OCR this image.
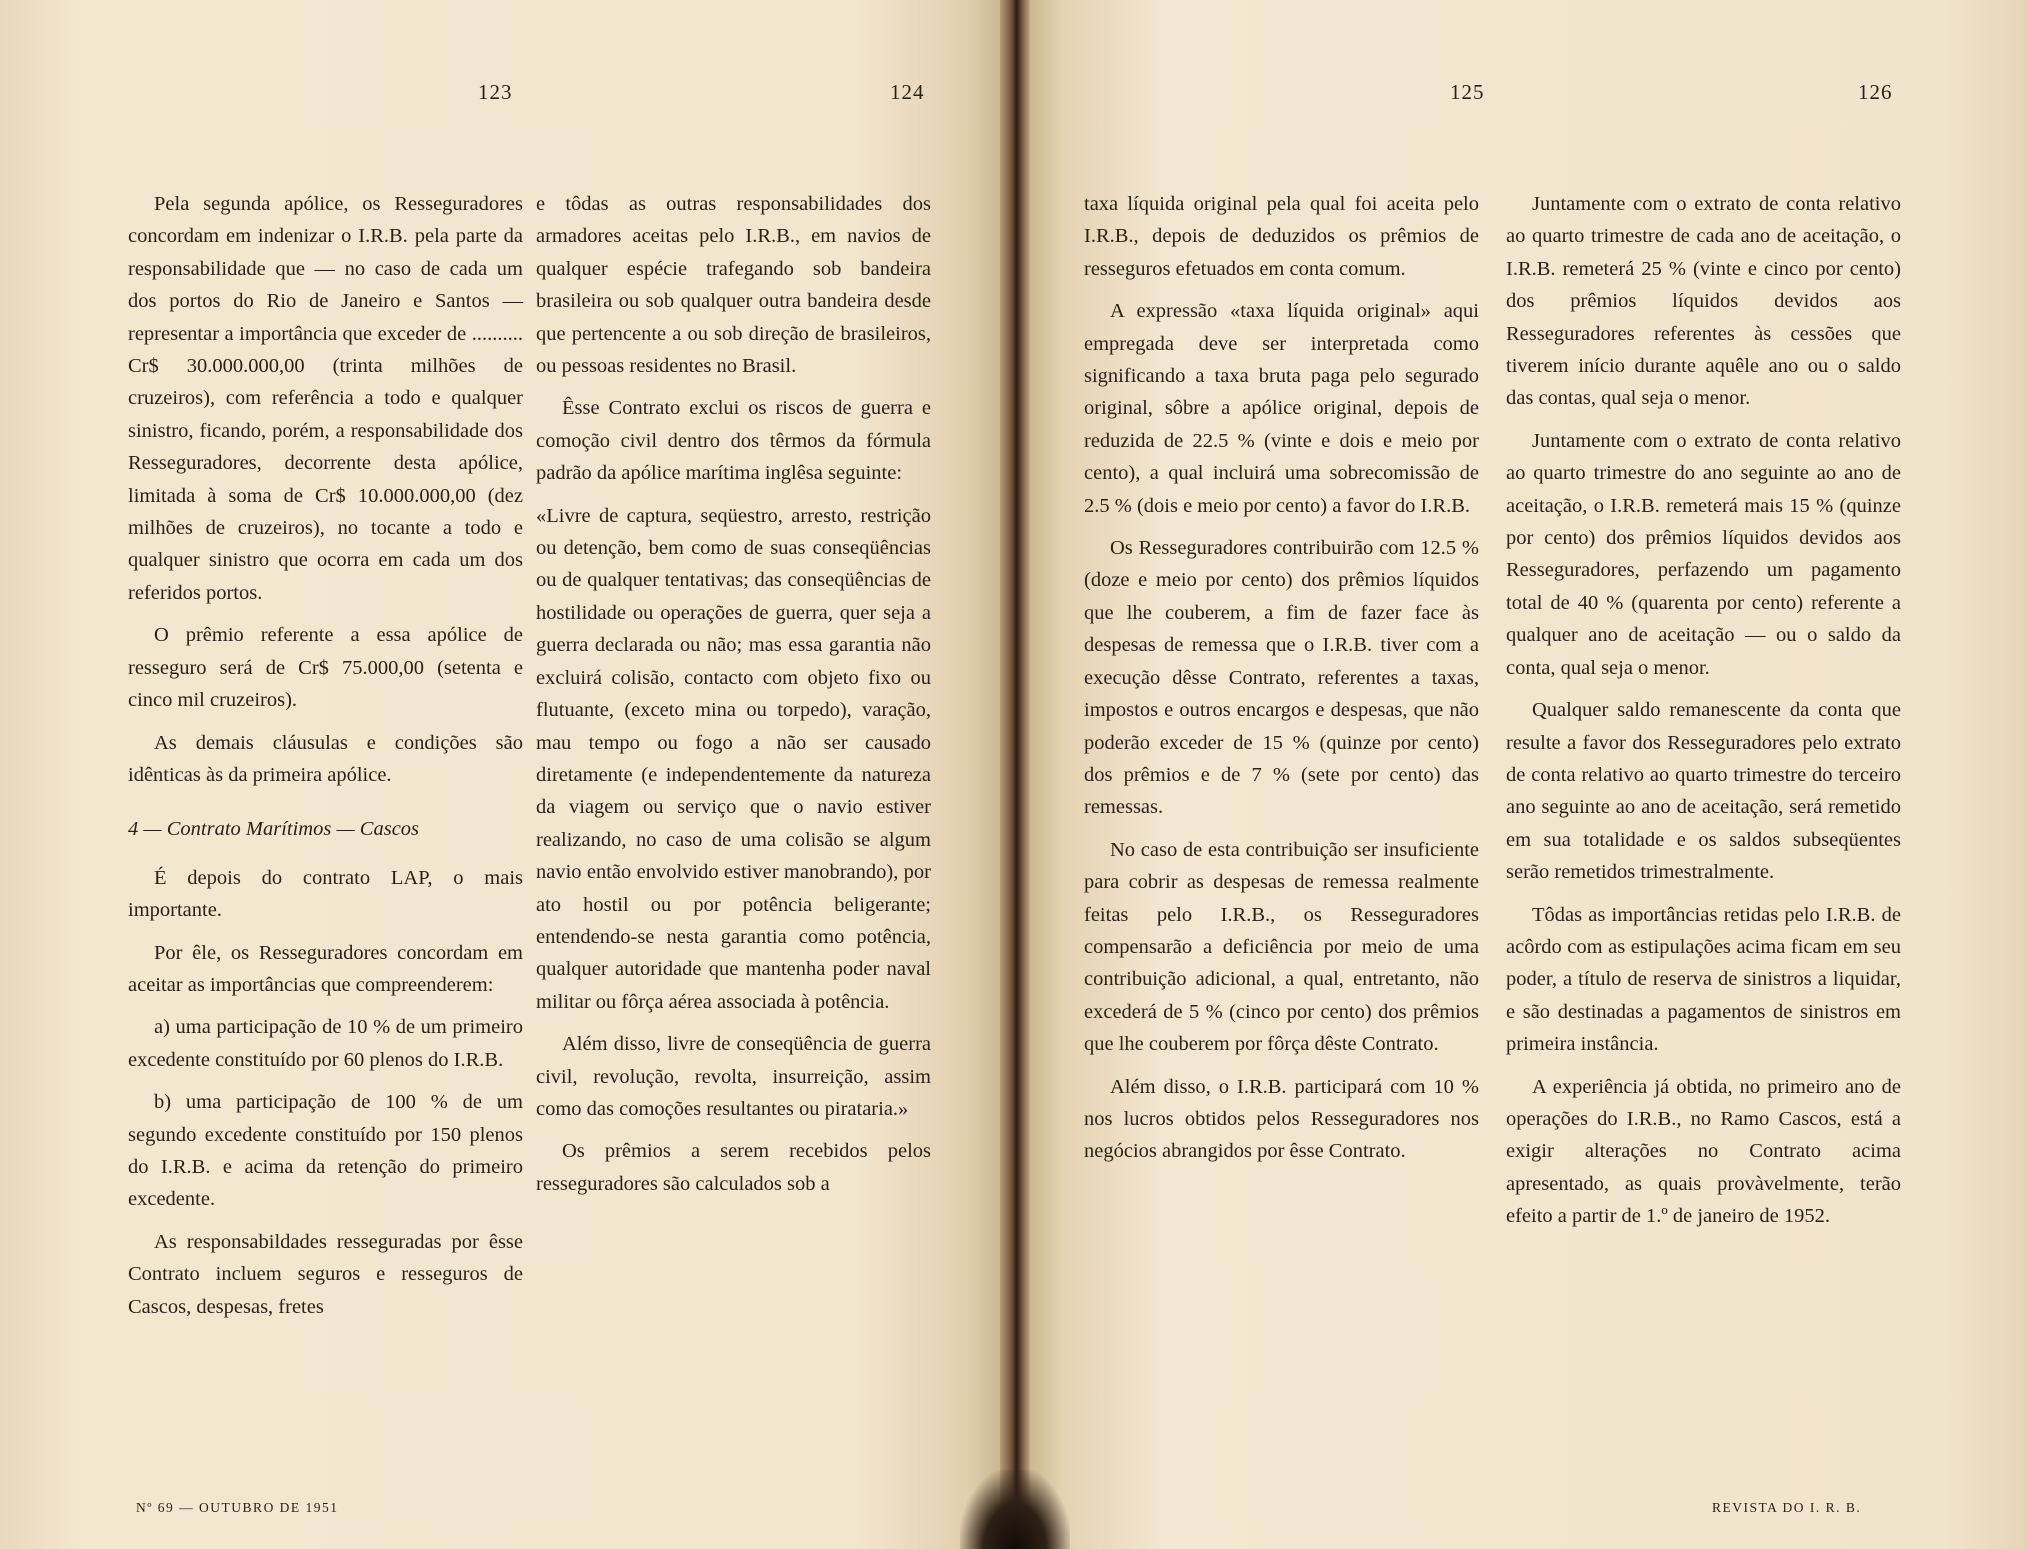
123	124

Pela segunda apólice, os Resseguradores concordam em indenizar o I.R.B. pela parte da responsabilidade que — no caso de cada um dos portos do Rio de Janeiro e Santos — representar a importância que exceder de .......... Cr$ 30.000.000,00 (trinta milhões de cruzeiros), com referência a todo e qualquer sinistro, ficando, porém, a responsabilidade dos Resseguradores, decorrente desta apólice, limitada à soma de Cr$ 10.000.000,00 (dez milhões de cruzeiros), no tocante a todo e qualquer sinistro que ocorra em cada um dos referidos portos.

O prêmio referente a essa apólice de resseguro será de Cr$ 75.000,00 (setenta e cinco mil cruzeiros).

As demais cláusulas e condições são idênticas às da primeira apólice.

4 — Contrato Marítimos — Cascos

É depois do contrato LAP, o mais importante.

Por êle, os Resseguradores concordam em aceitar as importâncias que compreenderem:

a) uma participação de 10 % de um primeiro excedente constituído por 60 plenos do I.R.B.

b) uma participação de 100 % de um segundo excedente constituído por 150 plenos do I.R.B. e acima da retenção do primeiro excedente.

As responsabildades resseguradas por êsse Contrato incluem seguros e resseguros de Cascos, despesas, fretes

e tôdas as outras responsabilidades dos armadores aceitas pelo I.R.B., em navios de qualquer espécie trafegando sob bandeira brasileira ou sob qualquer outra bandeira desde que pertencente a ou sob direção de brasileiros, ou pessoas residentes no Brasil.

Êsse Contrato exclui os riscos de guerra e comoção civil dentro dos têrmos da fórmula padrão da apólice marítima inglêsa seguinte:

«Livre de captura, seqüestro, arresto, restrição ou detenção, bem como de suas conseqüências ou de qualquer tentativas; das conseqüências de hostilidade ou operações de guerra, quer seja a guerra declarada ou não; mas essa garantia não excluirá colisão, contacto com objeto fixo ou flutuante, (exceto mina ou torpedo), varação, mau tempo ou fogo a não ser causado diretamente (e independentemente da natureza da viagem ou serviço que o navio estiver realizando, no caso de uma colisão se algum navio então envolvido estiver manobrando), por ato hostil ou por potência beligerante; entendendo-se nesta garantia como potência, qualquer autoridade que mantenha poder naval militar ou fôrça aérea associada à potência.

Além disso, livre de conseqüência de guerra civil, revolução, revolta, insurreição, assim como das comoções resultantes ou pirataria.»

Os prêmios a serem recebidos pelos resseguradores são calculados sob a

Nº 69 — OUTUBRO DE 1951
125	126

taxa líquida original pela qual foi aceita pelo I.R.B., depois de deduzidos os prêmios de resseguros efetuados em conta comum.

A expressão «taxa líquida original» aqui empregada deve ser interpretada como significando a taxa bruta paga pelo segurado original, sôbre a apólice original, depois de reduzida de 22.5 % (vinte e dois e meio por cento), a qual incluirá uma sobrecomissão de 2.5 % (dois e meio por cento) a favor do I.R.B.

Os Resseguradores contribuirão com 12.5 % (doze e meio por cento) dos prêmios líquidos que lhe couberem, a fim de fazer face às despesas de remessa que o I.R.B. tiver com a execução dêsse Contrato, referentes a taxas, impostos e outros encargos e despesas, que não poderão exceder de 15 % (quinze por cento) dos prêmios e de 7 % (sete por cento) das remessas.

No caso de esta contribuição ser insuficiente para cobrir as despesas de remessa realmente feitas pelo I.R.B., os Resseguradores compensarão a deficiência por meio de uma contribuição adicional, a qual, entretanto, não excederá de 5 % (cinco por cento) dos prêmios que lhe couberem por fôrça dêste Contrato.

Além disso, o I.R.B. participará com 10 % nos lucros obtidos pelos Resseguradores nos negócios abrangidos por êsse Contrato.

Juntamente com o extrato de conta relativo ao quarto trimestre de cada ano de aceitação, o I.R.B. remeterá 25 % (vinte e cinco por cento) dos prêmios líquidos devidos aos Resseguradores referentes às cessões que tiverem início durante aquêle ano ou o saldo das contas, qual seja o menor.

Juntamente com o extrato de conta relativo ao quarto trimestre do ano seguinte ao ano de aceitação, o I.R.B. remeterá mais 15 % (quinze por cento) dos prêmios líquidos devidos aos Resseguradores, perfazendo um pagamento total de 40 % (quarenta por cento) referente a qualquer ano de aceitação — ou o saldo da conta, qual seja o menor.

Qualquer saldo remanescente da conta que resulte a favor dos Resseguradores pelo extrato de conta relativo ao quarto trimestre do terceiro ano seguinte ao ano de aceitação, será remetido em sua totalidade e os saldos subseqüentes serão remetidos trimestralmente.

Tôdas as importâncias retidas pelo I.R.B. de acôrdo com as estipulações acima ficam em seu poder, a título de reserva de sinistros a liquidar, e são destinadas a pagamentos de sinistros em primeira instância.

A experiência já obtida, no primeiro ano de operações do I.R.B., no Ramo Cascos, está a exigir alterações no Contrato acima apresentado, as quais provàvelmente, terão efeito a partir de 1.º de janeiro de 1952.

REVISTA DO I. R. B.
